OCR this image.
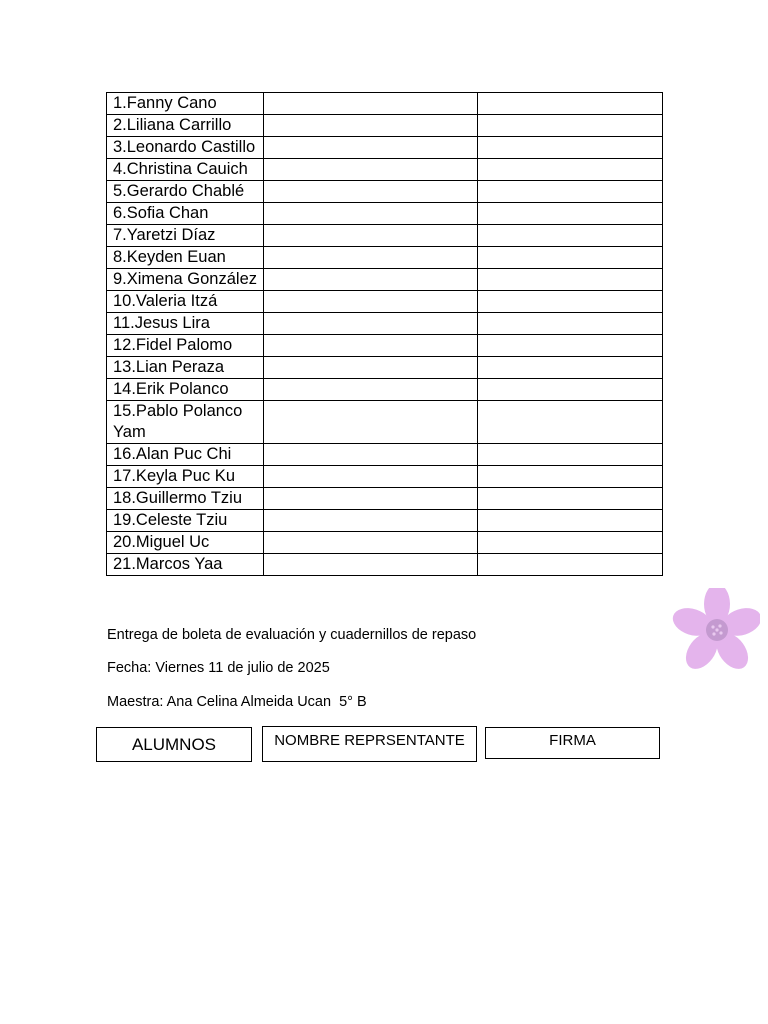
1.Fanny Cano		
2.Liliana Carrillo		
3.Leonardo Castillo		
4.Christina Cauich		
5.Gerardo Chablé		
6.Sofia Chan		
7.Yaretzi Díaz		
8.Keyden Euan		
9.Ximena González		
10.Valeria Itzá		
11.Jesus Lira		
12.Fidel Palomo		
13.Lian Peraza		
14.Erik Polanco		
15.Pablo Polanco Yam		
16.Alan Puc Chi		
17.Keyla Puc Ku		
18.Guillermo Tziu		
19.Celeste Tziu		
20.Miguel Uc		
21.Marcos Yaa		
Entrega de boleta de evaluación y cuadernillos de repaso
Fecha: Viernes 11 de julio de 2025
Maestra: Ana Celina Almeida Ucan  5° B
ALUMNOS	NOMBRE REPRSENTANTE	FIRMA
